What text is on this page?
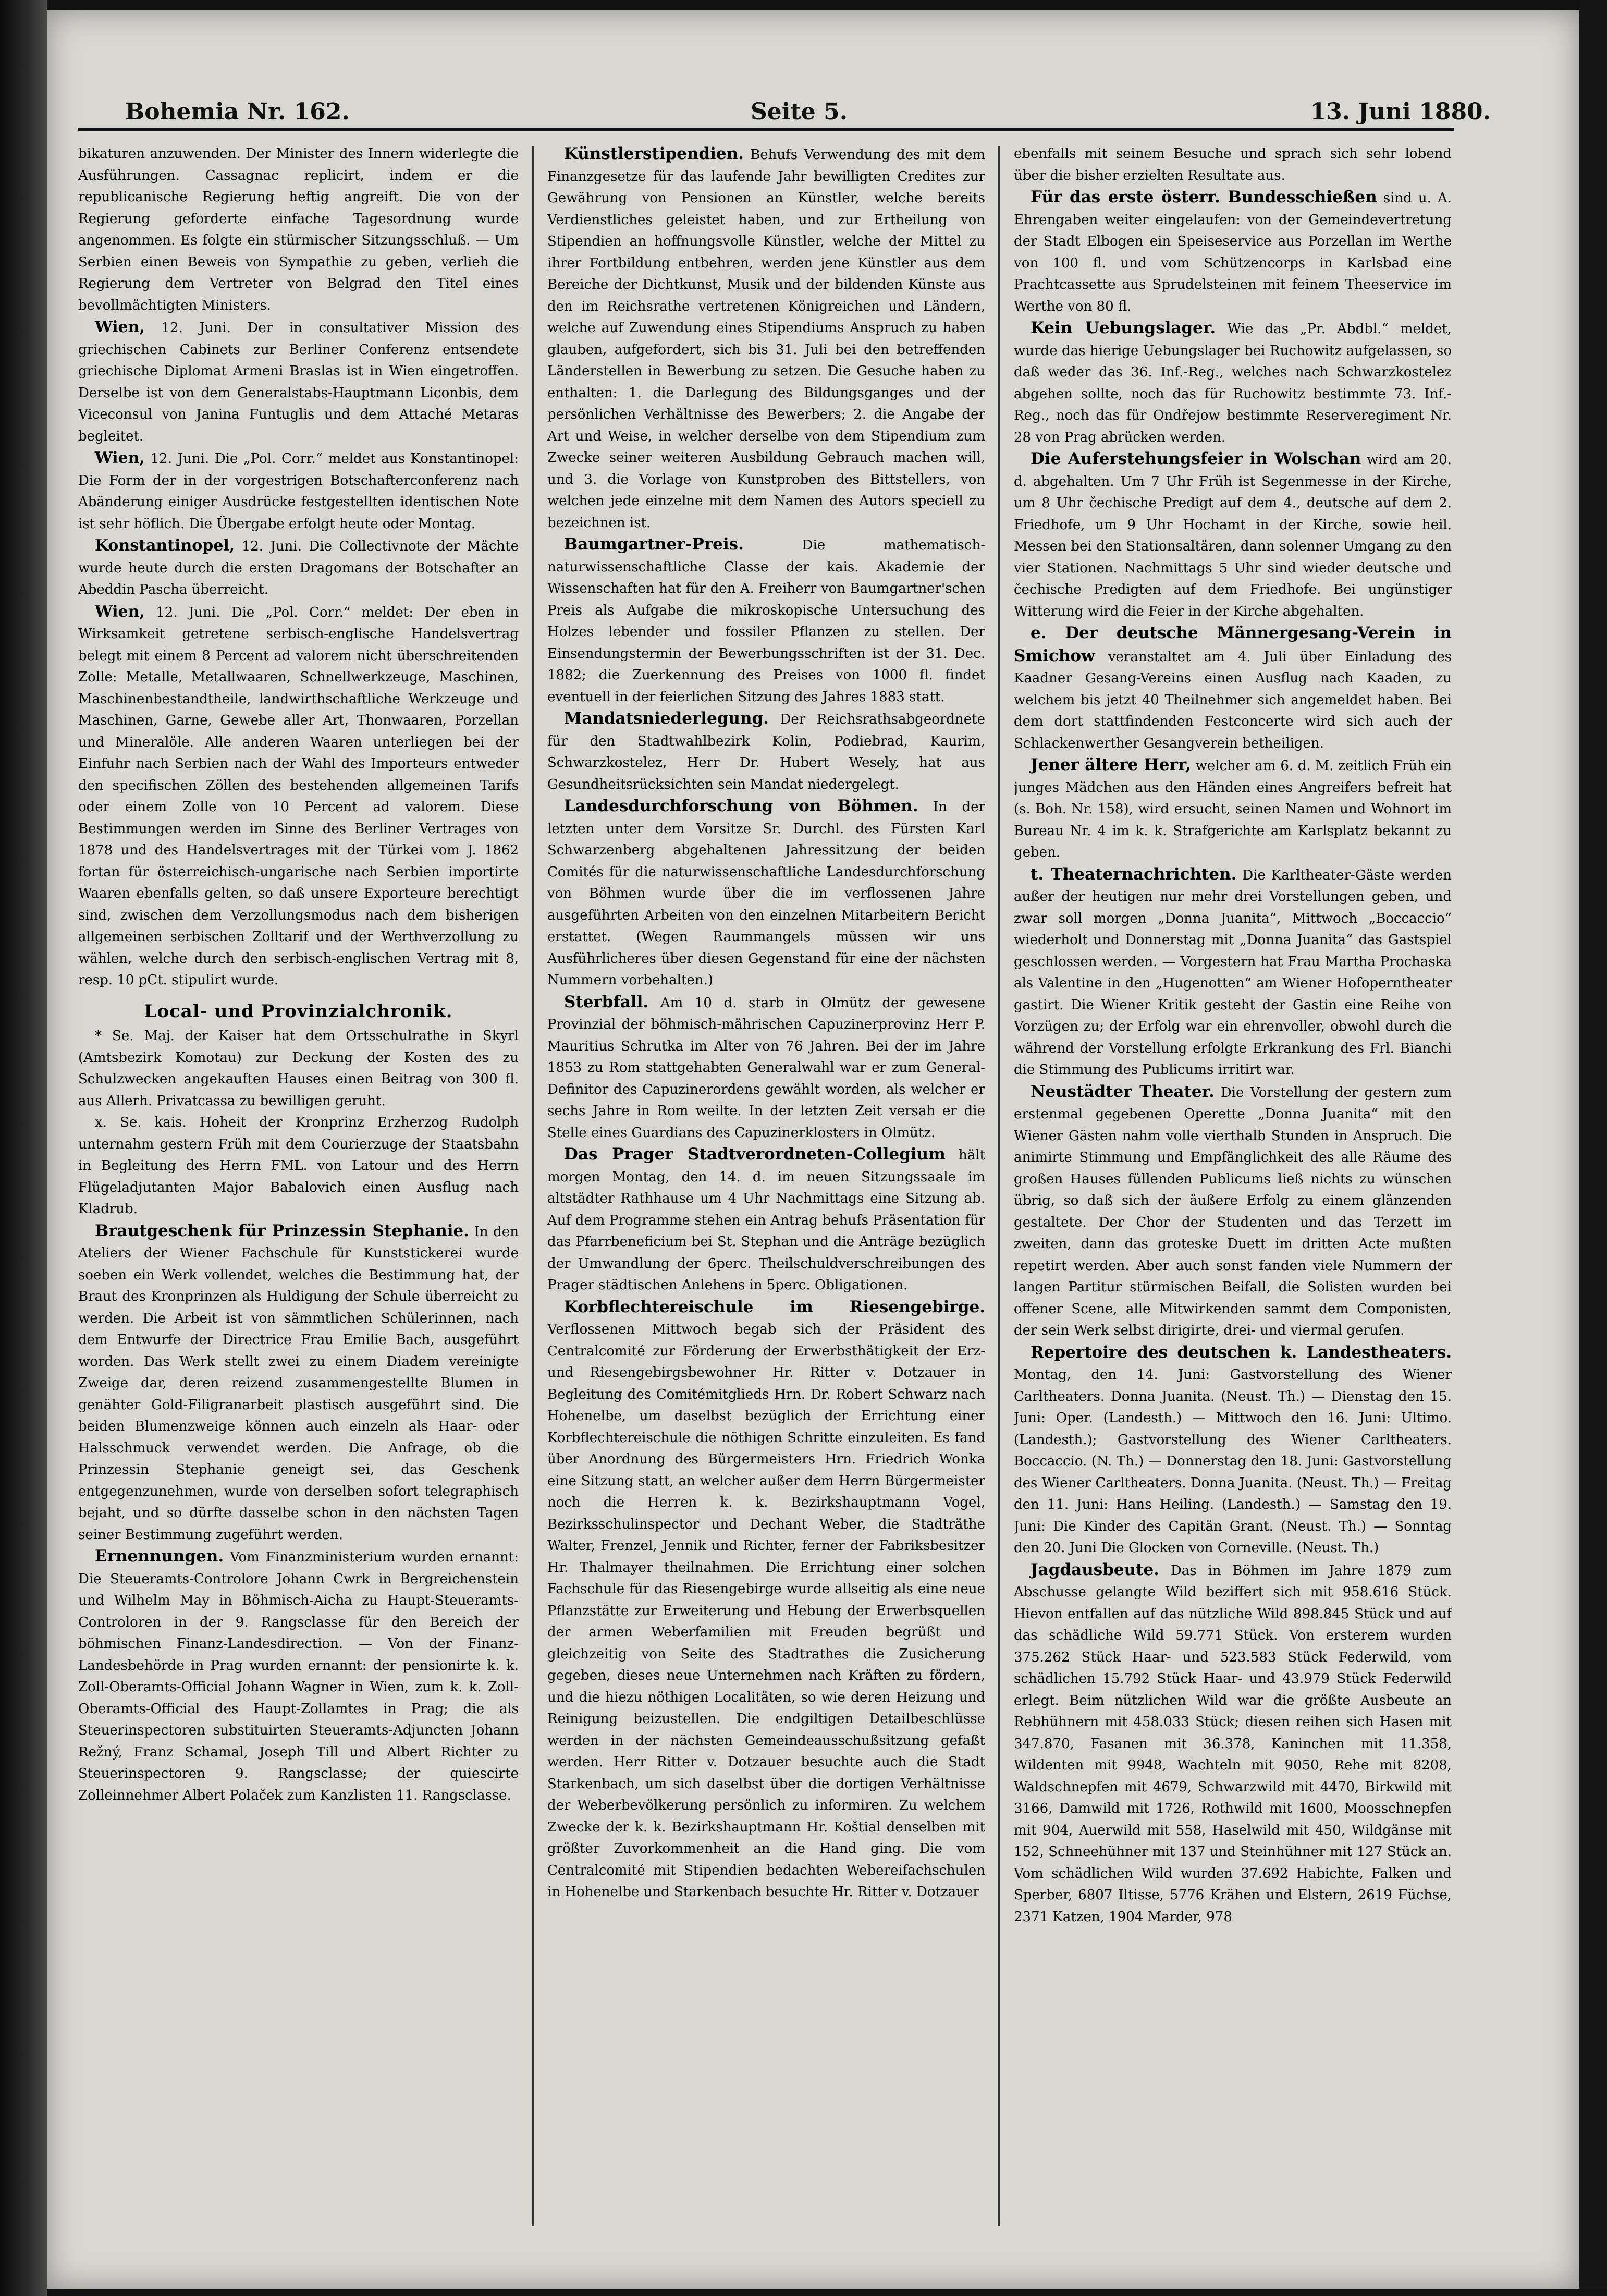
Bohemia Nr. 162.	Seite 5.	13. Juni 1880.

bikaturen anzuwenden. Der Minister des Innern widerlegte die Ausführungen. Cassagnac replicirt, indem er die republicanische Regierung heftig angreift. Die von der Regierung geforderte einfache Tagesordnung wurde angenommen. Es folgte ein stürmischer Sitzungsschluß. — Um Serbien einen Beweis von Sympathie zu geben, verlieh die Regierung dem Vertreter von Belgrad den Titel eines bevollmächtigten Ministers.

Wien, 12. Juni. Der in consultativer Mission des griechischen Cabinets zur Berliner Conferenz entsendete griechische Diplomat Armeni Braslas ist in Wien eingetroffen. Derselbe ist von dem Generalstabs-Hauptmann Liconbis, dem Viceconsul von Janina Funtuglis und dem Attaché Metaras begleitet.

Wien, 12. Juni. Die „Pol. Corr.“ meldet aus Konstantinopel: Die Form der in der vorgestrigen Botschafterconferenz nach Abänderung einiger Ausdrücke festgestellten identischen Note ist sehr höflich. Die Übergabe erfolgt heute oder Montag.

Konstantinopel, 12. Juni. Die Collectivnote der Mächte wurde heute durch die ersten Dragomans der Botschafter an Abeddin Pascha überreicht.

Wien, 12. Juni. Die „Pol. Corr.“ meldet: Der eben in Wirksamkeit getretene serbisch-englische Handelsvertrag belegt mit einem 8 Percent ad valorem nicht überschreitenden Zolle: Metalle, Metallwaaren, Schnellwerkzeuge, Maschinen, Maschinenbestandtheile, landwirthschaftliche Werkzeuge und Maschinen, Garne, Gewebe aller Art, Thonwaaren, Porzellan und Mineralöle. Alle anderen Waaren unterliegen bei der Einfuhr nach Serbien nach der Wahl des Importeurs entweder den specifischen Zöllen des bestehenden allgemeinen Tarifs oder einem Zolle von 10 Percent ad valorem. Diese Bestimmungen werden im Sinne des Berliner Vertrages von 1878 und des Handelsvertrages mit der Türkei vom J. 1862 fortan für österreichisch-ungarische nach Serbien importirte Waaren ebenfalls gelten, so daß unsere Exporteure berechtigt sind, zwischen dem Verzollungsmodus nach dem bisherigen allgemeinen serbischen Zolltarif und der Werthverzollung zu wählen, welche durch den serbisch-englischen Vertrag mit 8, resp. 10 pCt. stipulirt wurde.

Local- und Provinzialchronik.

* Se. Maj. der Kaiser hat dem Ortsschulrathe in Skyrl (Amtsbezirk Komotau) zur Deckung der Kosten des zu Schulzwecken angekauften Hauses einen Beitrag von 300 fl. aus Allerh. Privatcassa zu bewilligen geruht.

x. Se. kais. Hoheit der Kronprinz Erzherzog Rudolph unternahm gestern Früh mit dem Courierzuge der Staatsbahn in Begleitung des Herrn FML. von Latour und des Herrn Flügeladjutanten Major Babalovich einen Ausflug nach Kladrub.

Brautgeschenk für Prinzessin Stephanie. In den Ateliers der Wiener Fachschule für Kunststickerei wurde soeben ein Werk vollendet, welches die Bestimmung hat, der Braut des Kronprinzen als Huldigung der Schule überreicht zu werden. Die Arbeit ist von sämmtlichen Schülerinnen, nach dem Entwurfe der Directrice Frau Emilie Bach, ausgeführt worden. Das Werk stellt zwei zu einem Diadem vereinigte Zweige dar, deren reizend zusammengestellte Blumen in genähter Gold-Filigranarbeit plastisch ausgeführt sind. Die beiden Blumenzweige können auch einzeln als Haar- oder Halsschmuck verwendet werden. Die Anfrage, ob die Prinzessin Stephanie geneigt sei, das Geschenk entgegenzunehmen, wurde von derselben sofort telegraphisch bejaht, und so dürfte dasselbe schon in den nächsten Tagen seiner Bestimmung zugeführt werden.

Ernennungen. Vom Finanzministerium wurden ernannt: Die Steueramts-Controlore Johann Cwrk in Bergreichenstein und Wilhelm May in Böhmisch-Aicha zu Haupt-Steueramts-Controloren in der 9. Rangsclasse für den Bereich der böhmischen Finanz-Landesdirection. — Von der Finanz-Landesbehörde in Prag wurden ernannt: der pensionirte k. k. Zoll-Oberamts-Official Johann Wagner in Wien, zum k. k. Zoll-Oberamts-Official des Haupt-Zollamtes in Prag; die als Steuerinspectoren substituirten Steueramts-Adjuncten Johann Režný, Franz Schamal, Joseph Till und Albert Richter zu Steuerinspectoren 9. Rangsclasse; der quiescirte Zolleinnehmer Albert Polaček zum Kanzlisten 11. Rangsclasse.

Künstlerstipendien. Behufs Verwendung des mit dem Finanzgesetze für das laufende Jahr bewilligten Credites zur Gewährung von Pensionen an Künstler, welche bereits Verdienstliches geleistet haben, und zur Ertheilung von Stipendien an hoffnungsvolle Künstler, welche der Mittel zu ihrer Fortbildung entbehren, werden jene Künstler aus dem Bereiche der Dichtkunst, Musik und der bildenden Künste aus den im Reichsrathe vertretenen Königreichen und Ländern, welche auf Zuwendung eines Stipendiums Anspruch zu haben glauben, aufgefordert, sich bis 31. Juli bei den betreffenden Länderstellen in Bewerbung zu setzen. Die Gesuche haben zu enthalten: 1. die Darlegung des Bildungsganges und der persönlichen Verhältnisse des Bewerbers; 2. die Angabe der Art und Weise, in welcher derselbe von dem Stipendium zum Zwecke seiner weiteren Ausbildung Gebrauch machen will, und 3. die Vorlage von Kunstproben des Bittstellers, von welchen jede einzelne mit dem Namen des Autors speciell zu bezeichnen ist.

Baumgartner-Preis. Die mathematisch-naturwissenschaftliche Classe der kais. Akademie der Wissenschaften hat für den A. Freiherr von Baumgartner'schen Preis als Aufgabe die mikroskopische Untersuchung des Holzes lebender und fossiler Pflanzen zu stellen. Der Einsendungstermin der Bewerbungsschriften ist der 31. Dec. 1882; die Zuerkennung des Preises von 1000 fl. findet eventuell in der feierlichen Sitzung des Jahres 1883 statt.

Mandatsniederlegung. Der Reichsrathsabgeordnete für den Stadtwahlbezirk Kolin, Podiebrad, Kaurim, Schwarzkostelez, Herr Dr. Hubert Wesely, hat aus Gesundheitsrücksichten sein Mandat niedergelegt.

Landesdurchforschung von Böhmen. In der letzten unter dem Vorsitze Sr. Durchl. des Fürsten Karl Schwarzenberg abgehaltenen Jahressitzung der beiden Comités für die naturwissenschaftliche Landesdurchforschung von Böhmen wurde über die im verflossenen Jahre ausgeführten Arbeiten von den einzelnen Mitarbeitern Bericht erstattet. (Wegen Raummangels müssen wir uns Ausführlicheres über diesen Gegenstand für eine der nächsten Nummern vorbehalten.)

Sterbfall. Am 10 d. starb in Olmütz der gewesene Provinzial der böhmisch-mährischen Capuzinerprovinz Herr P. Mauritius Schrutka im Alter von 76 Jahren. Bei der im Jahre 1853 zu Rom stattgehabten Generalwahl war er zum General-Definitor des Capuzinerordens gewählt worden, als welcher er sechs Jahre in Rom weilte. In der letzten Zeit versah er die Stelle eines Guardians des Capuzinerklosters in Olmütz.

Das Prager Stadtverordneten-Collegium hält morgen Montag, den 14. d. im neuen Sitzungssaale im altstädter Rathhause um 4 Uhr Nachmittags eine Sitzung ab. Auf dem Programme stehen ein Antrag behufs Präsentation für das Pfarrbeneficium bei St. Stephan und die Anträge bezüglich der Umwandlung der 6perc. Theilschuldverschreibungen des Prager städtischen Anlehens in 5perc. Obligationen.

Korbflechtereischule im Riesengebirge. Verflossenen Mittwoch begab sich der Präsident des Centralcomité zur Förderung der Erwerbsthätigkeit der Erz- und Riesengebirgsbewohner Hr. Ritter v. Dotzauer in Begleitung des Comitémitglieds Hrn. Dr. Robert Schwarz nach Hohenelbe, um daselbst bezüglich der Errichtung einer Korbflechtereischule die nöthigen Schritte einzuleiten. Es fand über Anordnung des Bürgermeisters Hrn. Friedrich Wonka eine Sitzung statt, an welcher außer dem Herrn Bürgermeister noch die Herren k. k. Bezirkshauptmann Vogel, Bezirksschulinspector und Dechant Weber, die Stadträthe Walter, Frenzel, Jennik und Richter, ferner der Fabriksbesitzer Hr. Thalmayer theilnahmen. Die Errichtung einer solchen Fachschule für das Riesengebirge wurde allseitig als eine neue Pflanzstätte zur Erweiterung und Hebung der Erwerbsquellen der armen Weberfamilien mit Freuden begrüßt und gleichzeitig von Seite des Stadtrathes die Zusicherung gegeben, dieses neue Unternehmen nach Kräften zu fördern, und die hiezu nöthigen Localitäten, so wie deren Heizung und Reinigung beizustellen. Die endgiltigen Detailbeschlüsse werden in der nächsten Gemeindeausschußsitzung gefaßt werden. Herr Ritter v. Dotzauer besuchte auch die Stadt Starkenbach, um sich daselbst über die dortigen Verhältnisse der Weberbevölkerung persönlich zu informiren. Zu welchem Zwecke der k. k. Bezirkshauptmann Hr. Koštial denselben mit größter Zuvorkommenheit an die Hand ging. Die vom Centralcomité mit Stipendien bedachten Webereifachschulen in Hohenelbe und Starkenbach besuchte Hr. Ritter v. Dotzauer

ebenfalls mit seinem Besuche und sprach sich sehr lobend über die bisher erzielten Resultate aus.

Für das erste österr. Bundesschießen sind u. A. Ehrengaben weiter eingelaufen: von der Gemeindevertretung der Stadt Elbogen ein Speiseservice aus Porzellan im Werthe von 100 fl. und vom Schützencorps in Karlsbad eine Prachtcassette aus Sprudelsteinen mit feinem Theeservice im Werthe von 80 fl.

Kein Uebungslager. Wie das „Pr. Abdbl.“ meldet, wurde das hierige Uebungslager bei Ruchowitz aufgelassen, so daß weder das 36. Inf.-Reg., welches nach Schwarzkostelez abgehen sollte, noch das für Ruchowitz bestimmte 73. Inf.-Reg., noch das für Ondřejow bestimmte Reserveregiment Nr. 28 von Prag abrücken werden.

Die Auferstehungsfeier in Wolschan wird am 20. d. abgehalten. Um 7 Uhr Früh ist Segenmesse in der Kirche, um 8 Uhr čechische Predigt auf dem 4., deutsche auf dem 2. Friedhofe, um 9 Uhr Hochamt in der Kirche, sowie heil. Messen bei den Stationsaltären, dann solenner Umgang zu den vier Stationen. Nachmittags 5 Uhr sind wieder deutsche und čechische Predigten auf dem Friedhofe. Bei ungünstiger Witterung wird die Feier in der Kirche abgehalten.

e. Der deutsche Männergesang-Verein in Smichow veranstaltet am 4. Juli über Einladung des Kaadner Gesang-Vereins einen Ausflug nach Kaaden, zu welchem bis jetzt 40 Theilnehmer sich angemeldet haben. Bei dem dort stattfindenden Festconcerte wird sich auch der Schlackenwerther Gesangverein betheiligen.

Jener ältere Herr, welcher am 6. d. M. zeitlich Früh ein junges Mädchen aus den Händen eines Angreifers befreit hat (s. Boh. Nr. 158), wird ersucht, seinen Namen und Wohnort im Bureau Nr. 4 im k. k. Strafgerichte am Karlsplatz bekannt zu geben.

t. Theaternachrichten. Die Karltheater-Gäste werden außer der heutigen nur mehr drei Vorstellungen geben, und zwar soll morgen „Donna Juanita“, Mittwoch „Boccaccio“ wiederholt und Donnerstag mit „Donna Juanita“ das Gastspiel geschlossen werden. — Vorgestern hat Frau Martha Prochaska als Valentine in den „Hugenotten“ am Wiener Hofoperntheater gastirt. Die Wiener Kritik gesteht der Gastin eine Reihe von Vorzügen zu; der Erfolg war ein ehrenvoller, obwohl durch die während der Vorstellung erfolgte Erkrankung des Frl. Bianchi die Stimmung des Publicums irritirt war.

Neustädter Theater. Die Vorstellung der gestern zum erstenmal gegebenen Operette „Donna Juanita“ mit den Wiener Gästen nahm volle vierthalb Stunden in Anspruch. Die animirte Stimmung und Empfänglichkeit des alle Räume des großen Hauses füllenden Publicums ließ nichts zu wünschen übrig, so daß sich der äußere Erfolg zu einem glänzenden gestaltete. Der Chor der Studenten und das Terzett im zweiten, dann das groteske Duett im dritten Acte mußten repetirt werden. Aber auch sonst fanden viele Nummern der langen Partitur stürmischen Beifall, die Solisten wurden bei offener Scene, alle Mitwirkenden sammt dem Componisten, der sein Werk selbst dirigirte, drei- und viermal gerufen.

Repertoire des deutschen k. Landestheaters. Montag, den 14. Juni: Gastvorstellung des Wiener Carltheaters. Donna Juanita. (Neust. Th.) — Dienstag den 15. Juni: Oper. (Landesth.) — Mittwoch den 16. Juni: Ultimo. (Landesth.); Gastvorstellung des Wiener Carltheaters. Boccaccio. (N. Th.) — Donnerstag den 18. Juni: Gastvorstellung des Wiener Carltheaters. Donna Juanita. (Neust. Th.) — Freitag den 11. Juni: Hans Heiling. (Landesth.) — Samstag den 19. Juni: Die Kinder des Capitän Grant. (Neust. Th.) — Sonntag den 20. Juni Die Glocken von Corneville. (Neust. Th.)

Jagdausbeute. Das in Böhmen im Jahre 1879 zum Abschusse gelangte Wild beziffert sich mit 958.616 Stück. Hievon entfallen auf das nützliche Wild 898.845 Stück und auf das schädliche Wild 59.771 Stück. Von ersterem wurden 375.262 Stück Haar- und 523.583 Stück Federwild, vom schädlichen 15.792 Stück Haar- und 43.979 Stück Federwild erlegt. Beim nützlichen Wild war die größte Ausbeute an Rebhühnern mit 458.033 Stück; diesen reihen sich Hasen mit 347.870, Fasanen mit 36.378, Kaninchen mit 11.358, Wildenten mit 9948, Wachteln mit 9050, Rehe mit 8208, Waldschnepfen mit 4679, Schwarzwild mit 4470, Birkwild mit 3166, Damwild mit 1726, Rothwild mit 1600, Moosschnepfen mit 904, Auerwild mit 558, Haselwild mit 450, Wildgänse mit 152, Schneehühner mit 137 und Steinhühner mit 127 Stück an. Vom schädlichen Wild wurden 37.692 Habichte, Falken und Sperber, 6807 Iltisse, 5776 Krähen und Elstern, 2619 Füchse, 2371 Katzen, 1904 Marder, 978
